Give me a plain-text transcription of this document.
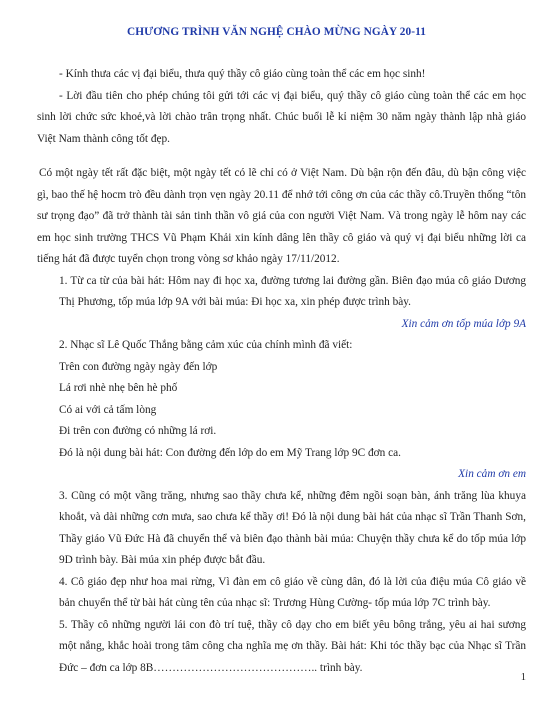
CHƯƠNG TRÌNH VĂN NGHỆ CHÀO MỪNG NGÀY 20-11
- Kính thưa các vị đại biểu, thưa quý thầy cô giáo cùng toàn thể các em học sinh!
- Lời đầu tiên cho phép chúng tôi gửi tới các vị đại biểu, quý thầy cô giáo cùng toàn thể các em học sinh lời chức sức khoẻ,và lời chào trân trọng nhất. Chúc buổi lễ kỉ niệm 30 năm ngày thành lập nhà giáo Việt Nam thành công tốt đẹp.
Có một ngày tết rất đặc biệt, một ngày tết có lẽ chỉ có ở Việt Nam. Dù bận rộn đến đâu, dù bận công việc gì, bao thế hệ hocm trò đều dành trọn vẹn ngày 20.11 để nhớ tới công ơn của các thầy cô.Truyền thống “tôn sư trọng đạo” đã trở thành tài sản tinh thần vô giá của con người Việt Nam. Và trong ngày lễ hôm nay các em học sinh trường THCS Vũ Phạm Khải xin kính dâng lên thầy cô giáo và quý vị đại biểu những lời ca tiếng hát đã được tuyển chọn trong vòng sơ khảo ngày 17/11/2012.
1. Từ ca từ của bài hát: Hôm nay đi học xa, đường tương lai đường gần. Biên đạo múa cô giáo Dương Thị Phương, tốp múa lớp 9A với bài múa: Đi học xa, xin phép được trình bày.
Xin cảm ơn tốp múa lớp 9A
2. Nhạc sĩ Lê Quốc Thắng bằng cảm xúc của chính mình đã viết:
Trên con đường ngày ngày đến lớp
Lá rơi nhè nhẹ bên hè phố
Có ai với cả tấm lòng
Đi trên con đường có những lá rơi.
Đó là nội dung bài hát: Con đường đến lớp do em Mỹ Trang lớp 9C đơn ca.
Xin cảm ơn em
3. Cũng có một vầng trăng, nhưng sao thầy chưa kể, những đêm ngồi soạn bàn, ánh trăng lùa khuya khoắt, và dài những cơn mưa, sao chưa kể thầy ơi! Đó là nội dung bài hát của nhạc sĩ Trần Thanh Sơn, Thầy giáo Vũ Đức Hà đã chuyển thể và biên đạo thành bài múa: Chuyện thầy chưa kể do tốp múa lớp 9D trình bày. Bài múa xin phép được bắt đầu.
4. Cô giáo đẹp như hoa mai rừng, Vì đàn em cô giáo về cùng dân, đó là lời của điệu múa Cô giáo về bản chuyển thể từ bài hát cùng tên của nhạc sĩ: Trương Hùng Cường- tốp múa lớp 7C trình bày.
5. Thầy cô những người lái con đò trí tuệ, thầy cô dạy cho em biết yêu bông trắng, yêu ai hai sương một nắng, khắc hoài trong tâm công cha nghĩa mẹ ơn thầy. Bài hát: Khi tóc thầy bạc của Nhạc sĩ Trần Đức – đơn ca lớp 8B…………………………………….. trình bày.
1
